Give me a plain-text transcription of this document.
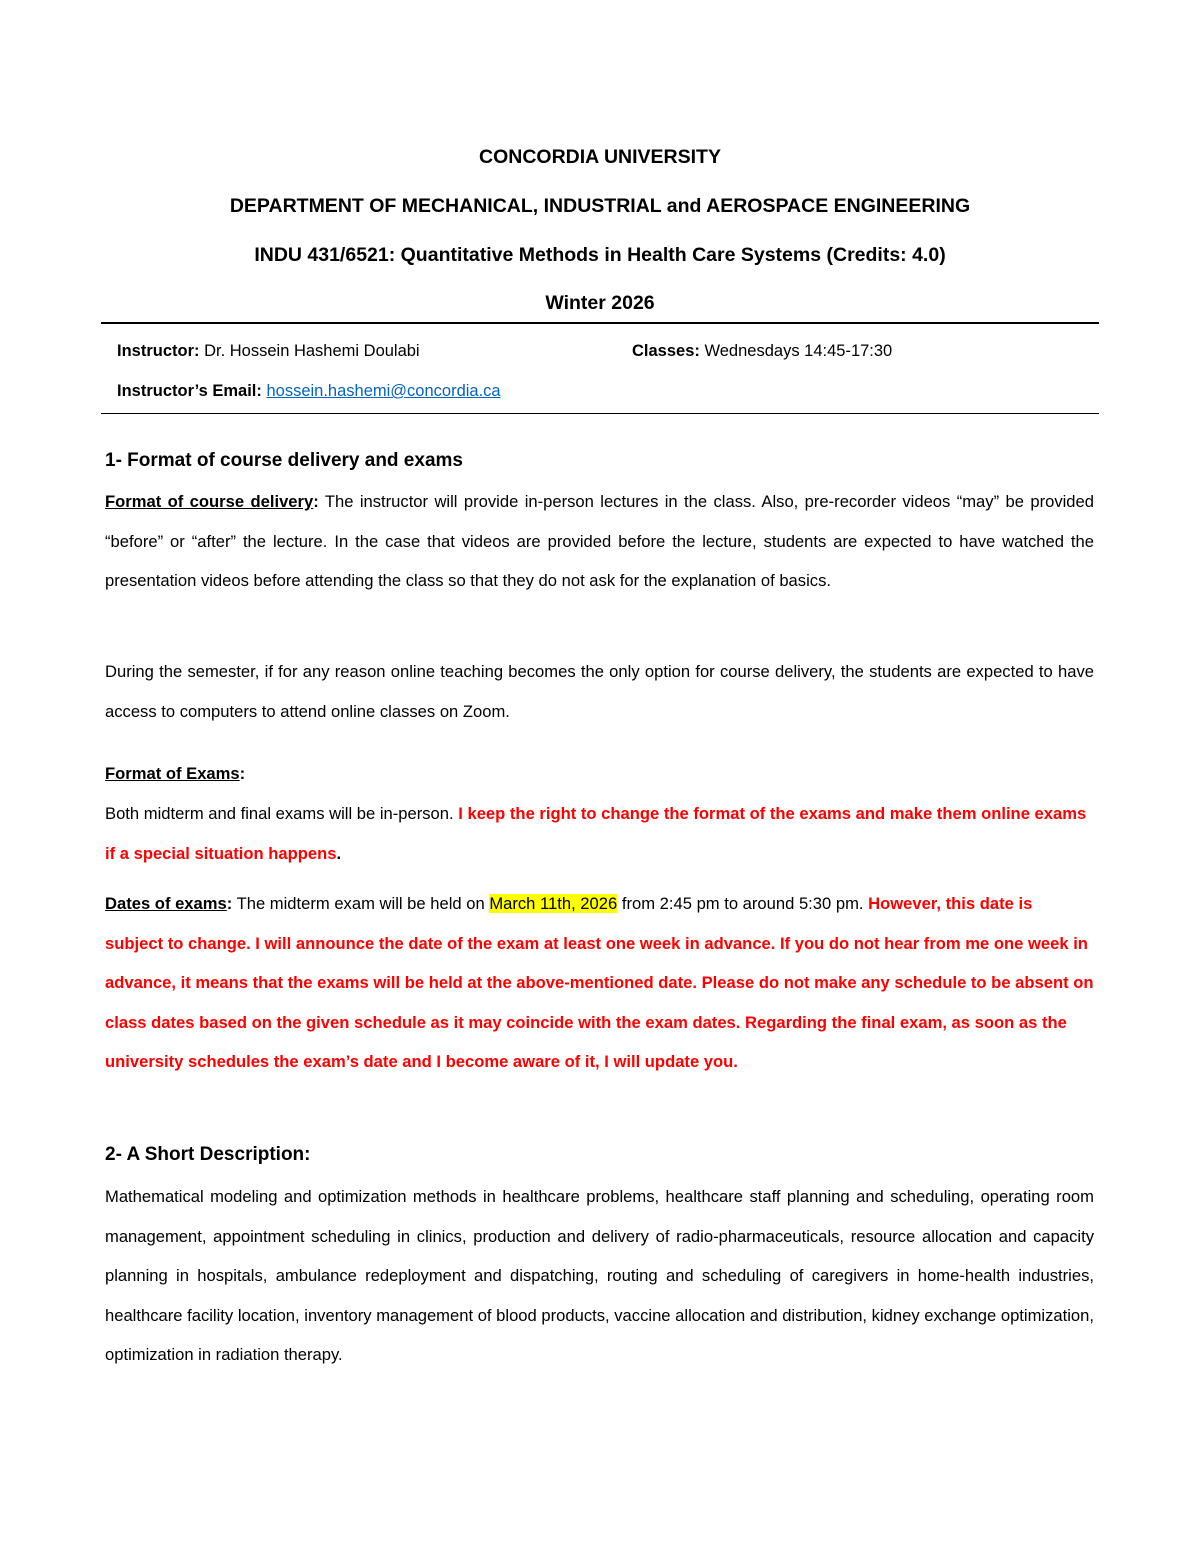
CONCORDIA UNIVERSITY
DEPARTMENT OF MECHANICAL, INDUSTRIAL and AEROSPACE ENGINEERING
INDU 431/6521: Quantitative Methods in Health Care Systems (Credits: 4.0)
Winter 2026
Instructor: Dr. Hossein Hashemi Doulabi	Classes: Wednesdays 14:45-17:30
Instructor’s Email: hossein.hashemi@concordia.ca
1- Format of course delivery and exams
Format of course delivery: The instructor will provide in-person lectures in the class. Also, pre-recorder videos “may” be provided “before” or “after” the lecture. In the case that videos are provided before the lecture, students are expected to have watched the presentation videos before attending the class so that they do not ask for the explanation of basics.
During the semester, if for any reason online teaching becomes the only option for course delivery, the students are expected to have access to computers to attend online classes on Zoom.
Format of Exams:
Both midterm and final exams will be in-person. I keep the right to change the format of the exams and make them online exams if a special situation happens.
Dates of exams: The midterm exam will be held on March 11th, 2026 from 2:45 pm to around 5:30 pm. However, this date is subject to change. I will announce the date of the exam at least one week in advance. If you do not hear from me one week in advance, it means that the exams will be held at the above-mentioned date. Please do not make any schedule to be absent on class dates based on the given schedule as it may coincide with the exam dates. Regarding the final exam, as soon as the university schedules the exam’s date and I become aware of it, I will update you.
2- A Short Description:
Mathematical modeling and optimization methods in healthcare problems, healthcare staff planning and scheduling, operating room management, appointment scheduling in clinics, production and delivery of radio-pharmaceuticals, resource allocation and capacity planning in hospitals, ambulance redeployment and dispatching, routing and scheduling of caregivers in home-health industries, healthcare facility location, inventory management of blood products, vaccine allocation and distribution, kidney exchange optimization, optimization in radiation therapy.
